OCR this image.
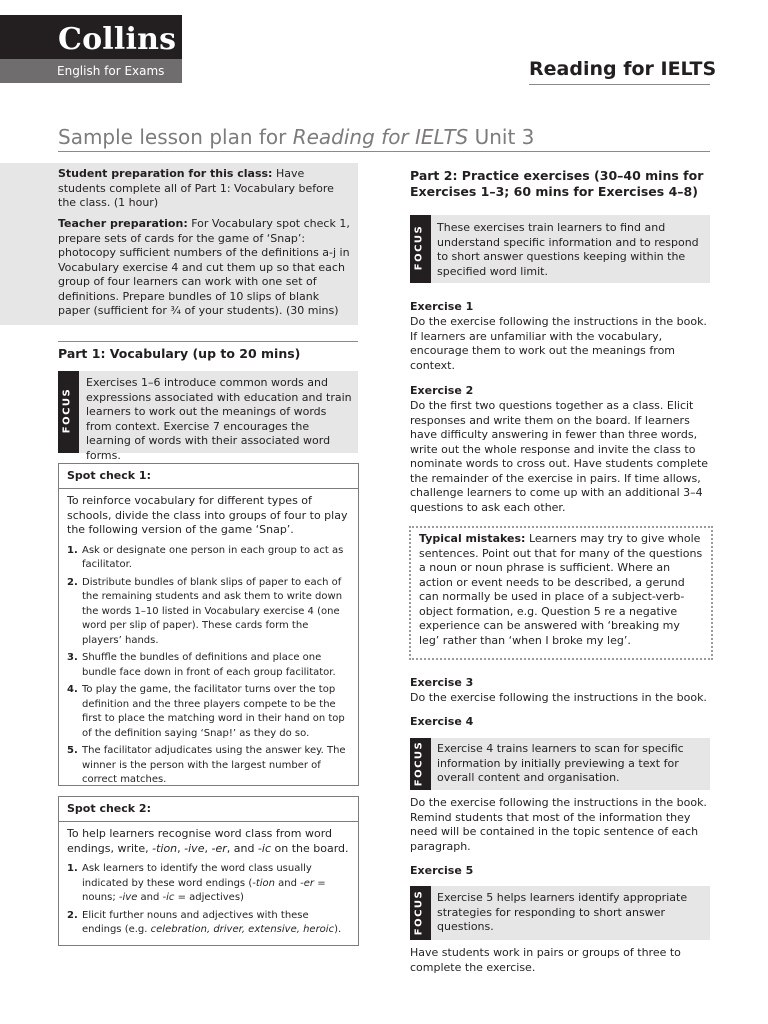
Collins
English for Exams	Reading for IELTS
Sample lesson plan for Reading for IELTS Unit 3
Student preparation for this class: Have students complete all of Part 1: Vocabulary before the class. (1 hour)
Teacher preparation: For Vocabulary spot check 1, prepare sets of cards for the game of ‘Snap’: photocopy sufficient numbers of the definitions a-j in Vocabulary exercise 4 and cut them up so that each group of four learners can work with one set of definitions. Prepare bundles of 10 slips of blank paper (sufficient for ¾ of your students). (30 mins)
Part 1: Vocabulary (up to 20 mins)
FOCUS
Exercises 1–6 introduce common words and expressions associated with education and train learners to work out the meanings of words from context. Exercise 7 encourages the learning of words with their associated word forms.
Spot check 1:
To reinforce vocabulary for different types of schools, divide the class into groups of four to play the following version of the game ‘Snap’.
1. Ask or designate one person in each group to act as facilitator.
2. Distribute bundles of blank slips of paper to each of the remaining students and ask them to write down the words 1–10 listed in Vocabulary exercise 4 (one word per slip of paper). These cards form the players’ hands.
3. Shuffle the bundles of definitions and place one bundle face down in front of each group facilitator.
4. To play the game, the facilitator turns over the top definition and the three players compete to be the first to place the matching word in their hand on top of the definition saying ‘Snap!’ as they do so.
5. The facilitator adjudicates using the answer key. The winner is the person with the largest number of correct matches.
Spot check 2:
To help learners recognise word class from word endings, write, -tion, -ive, -er, and -ic on the board.
1. Ask learners to identify the word class usually indicated by these word endings (-tion and -er = nouns; -ive and -ic = adjectives)
2. Elicit further nouns and adjectives with these endings (e.g. celebration, driver, extensive, heroic).
Part 2: Practice exercises (30–40 mins for Exercises 1–3; 60 mins for Exercises 4–8)
FOCUS These exercises train learners to find and understand specific information and to respond to short answer questions keeping within the specified word limit.
Exercise 1
Do the exercise following the instructions in the book. If learners are unfamiliar with the vocabulary, encourage them to work out the meanings from context.
Exercise 2
Do the first two questions together as a class. Elicit responses and write them on the board. If learners have difficulty answering in fewer than three words, write out the whole response and invite the class to nominate words to cross out. Have students complete the remainder of the exercise in pairs. If time allows, challenge learners to come up with an additional 3–4 questions to ask each other.
Typical mistakes: Learners may try to give whole sentences. Point out that for many of the questions a noun or noun phrase is sufficient. Where an action or event needs to be described, a gerund can normally be used in place of a subject-verb-object formation, e.g. Question 5 re a negative experience can be answered with ‘breaking my leg’ rather than ‘when I broke my leg’.
Exercise 3
Do the exercise following the instructions in the book.
Exercise 4
FOCUS Exercise 4 trains learners to scan for specific information by initially previewing a text for overall content and organisation.
Do the exercise following the instructions in the book. Remind students that most of the information they need will be contained in the topic sentence of each paragraph.
Exercise 5
FOCUS Exercise 5 helps learners identify appropriate strategies for responding to short answer questions.
Have students work in pairs or groups of three to complete the exercise.
